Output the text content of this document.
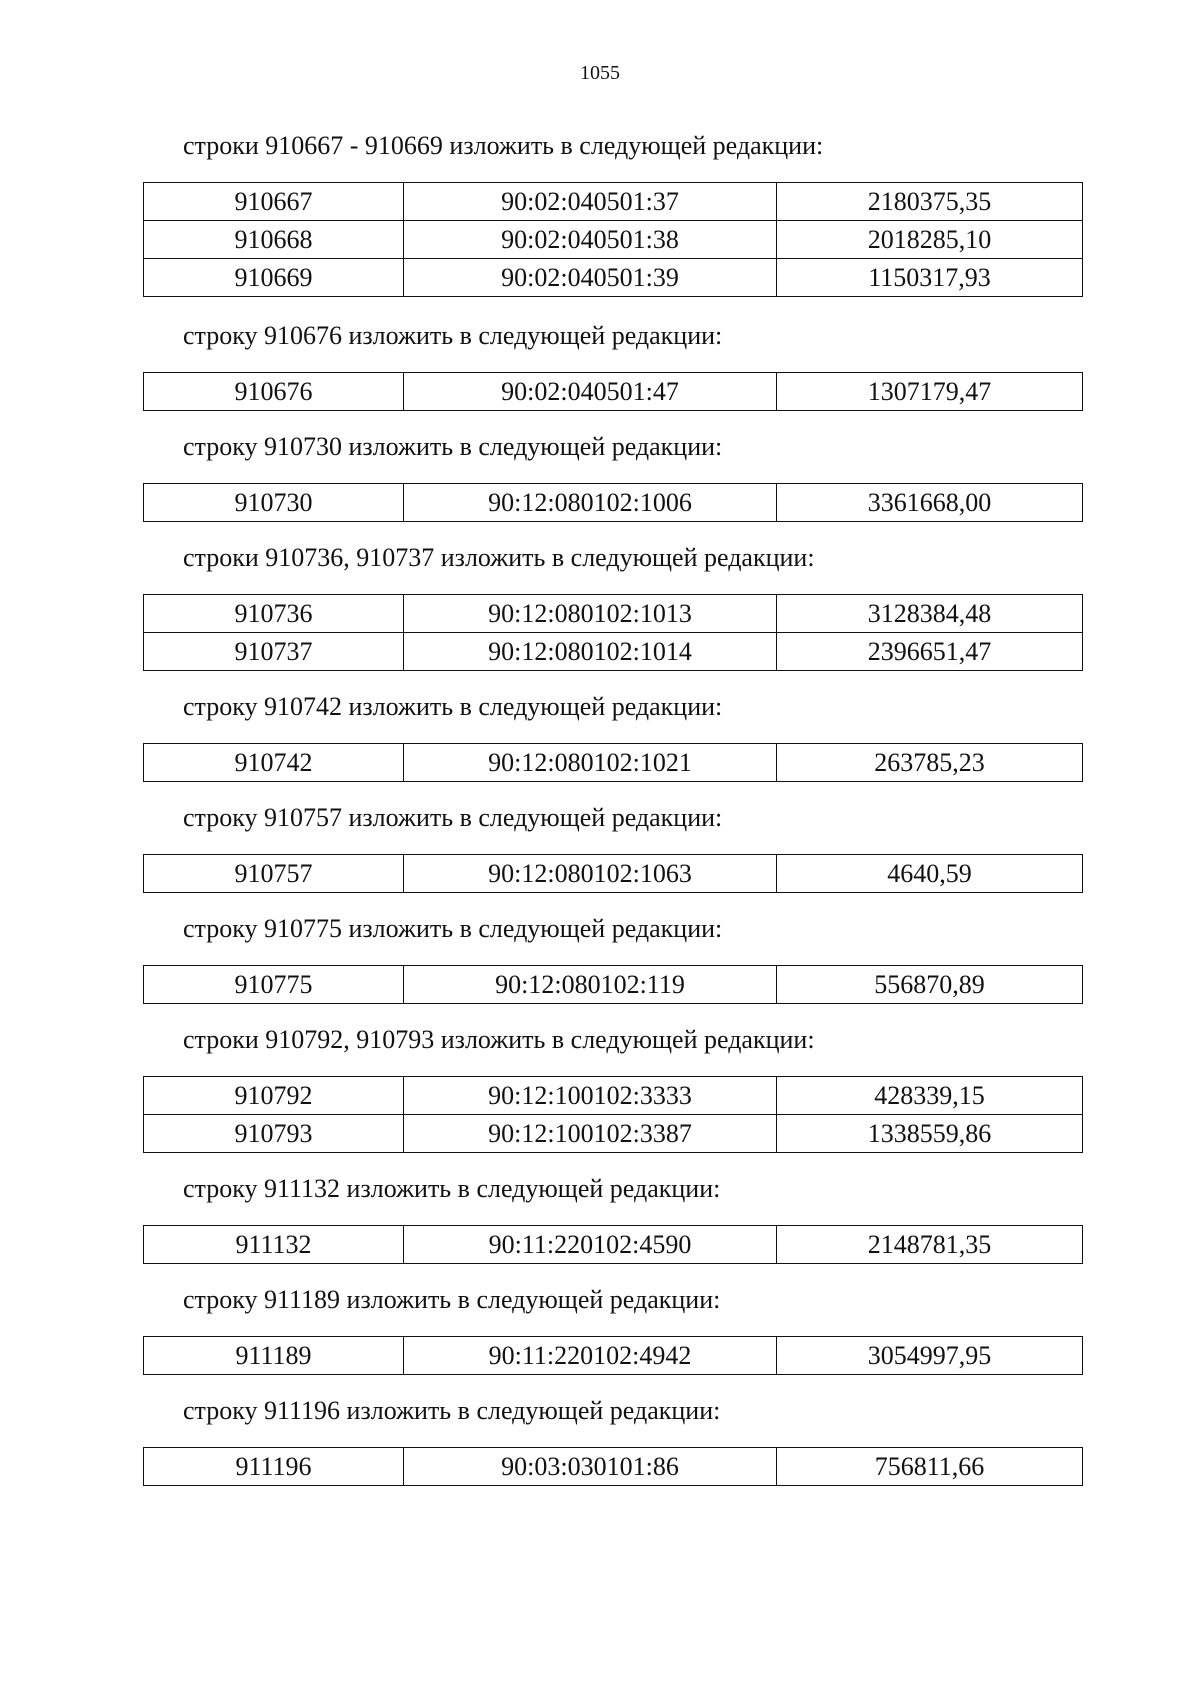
1055
строки 910667 - 910669 изложить в следующей редакции:
910667	90:02:040501:37	2180375,35
910668	90:02:040501:38	2018285,10
910669	90:02:040501:39	1150317,93
строку 910676 изложить в следующей редакции:
910676	90:02:040501:47	1307179,47
строку 910730 изложить в следующей редакции:
910730	90:12:080102:1006	3361668,00
строки 910736, 910737 изложить в следующей редакции:
910736	90:12:080102:1013	3128384,48
910737	90:12:080102:1014	2396651,47
строку 910742 изложить в следующей редакции:
910742	90:12:080102:1021	263785,23
строку 910757 изложить в следующей редакции:
910757	90:12:080102:1063	4640,59
строку 910775 изложить в следующей редакции:
910775	90:12:080102:119	556870,89
строки 910792, 910793 изложить в следующей редакции:
910792	90:12:100102:3333	428339,15
910793	90:12:100102:3387	1338559,86
строку 911132 изложить в следующей редакции:
911132	90:11:220102:4590	2148781,35
строку 911189 изложить в следующей редакции:
911189	90:11:220102:4942	3054997,95
строку 911196 изложить в следующей редакции:
911196	90:03:030101:86	756811,66
